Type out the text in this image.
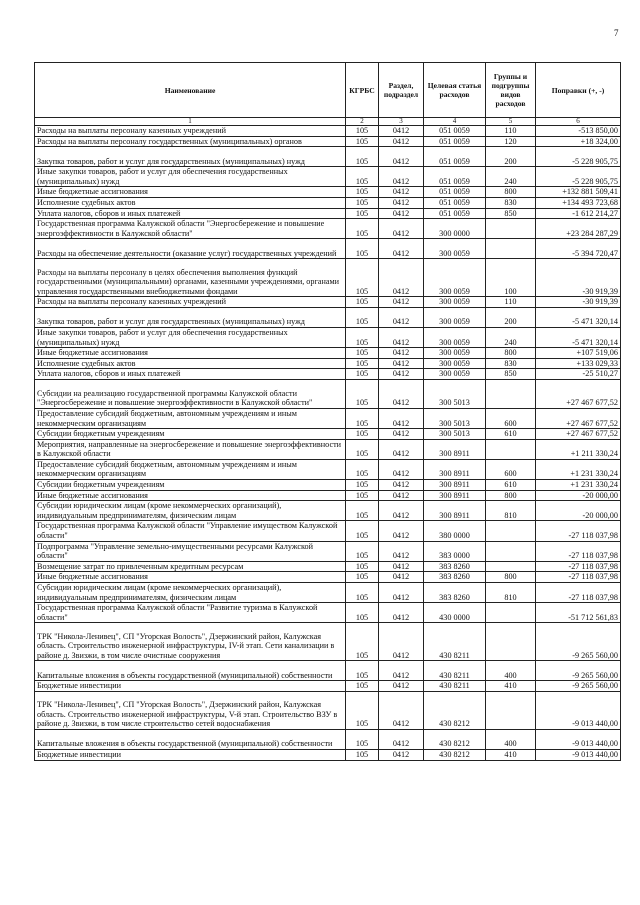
7
Наименование	КГРБС	Раздел, подраздел	Целевая статья расходов	Группы и подгруппы видов расходов	Поправки (+, -)
1	2	3	4	5	6
Расходы на выплаты персоналу казенных учреждений	105	0412	051 0059	110	-513 850,00
Расходы на выплаты персоналу государственных (муниципальных) органов	105	0412	051 0059	120	+18 324,00
Закупка товаров, работ и услуг для государственных (муниципальных) нужд	105	0412	051 0059	200	-5 228 905,75
Иные закупки товаров, работ и услуг для обеспечения государственных (муниципальных) нужд	105	0412	051 0059	240	-5 228 905,75
Иные бюджетные ассигнования	105	0412	051 0059	800	+132 881 509,41
Исполнение судебных актов	105	0412	051 0059	830	+134 493 723,68
Уплата налогов, сборов и иных платежей	105	0412	051 0059	850	-1 612 214,27
Государственная программа Калужской области "Энергосбережение и повышение энергоэффективности в Калужской области"	105	0412	300 0000		+23 284 287,29
Расходы на обеспечение деятельности (оказание услуг) государственных учреждений	105	0412	300 0059		-5 394 720,47
Расходы на выплаты персоналу в целях обеспечения выполнения функций государственными (муниципальными) органами, казенными учреждениями, органами управления государственными внебюджетными фондами	105	0412	300 0059	100	-30 919,39
Расходы на выплаты персоналу казенных учреждений	105	0412	300 0059	110	-30 919,39
Закупка товаров, работ и услуг для государственных (муниципальных) нужд	105	0412	300 0059	200	-5 471 320,14
Иные закупки товаров, работ и услуг для обеспечения государственных (муниципальных) нужд	105	0412	300 0059	240	-5 471 320,14
Иные бюджетные ассигнования	105	0412	300 0059	800	+107 519,06
Исполнение судебных актов	105	0412	300 0059	830	+133 029,33
Уплата налогов, сборов и иных платежей	105	0412	300 0059	850	-25 510,27
Субсидии на реализацию государственной программы Калужской области "Энергосбережение и повышение энергоэффективности в Калужской области"	105	0412	300 5013		+27 467 677,52
Предоставление субсидий бюджетным, автономным учреждениям и иным некоммерческим организациям	105	0412	300 5013	600	+27 467 677,52
Субсидии бюджетным учреждениям	105	0412	300 5013	610	+27 467 677,52
Мероприятия, направленные на энергосбережение и повышение энергоэффективности в Калужской области	105	0412	300 8911		+1 211 330,24
Предоставление субсидий бюджетным, автономным учреждениям и иным некоммерческим организациям	105	0412	300 8911	600	+1 231 330,24
Субсидии бюджетным учреждениям	105	0412	300 8911	610	+1 231 330,24
Иные бюджетные ассигнования	105	0412	300 8911	800	-20 000,00
Субсидии юридическим лицам (кроме некоммерческих организаций), индивидуальным предпринимателям, физическим лицам	105	0412	300 8911	810	-20 000,00
Государственная программа Калужской области "Управление имуществом Калужской области"	105	0412	380 0000		-27 118 037,98
Подпрограмма "Управление земельно-имущественными ресурсами Калужской области"	105	0412	383 0000		-27 118 037,98
Возмещение затрат по привлеченным кредитным ресурсам	105	0412	383 8260		-27 118 037,98
Иные бюджетные ассигнования	105	0412	383 8260	800	-27 118 037,98
Субсидии юридическим лицам (кроме некоммерческих организаций), индивидуальным предпринимателям, физическим лицам	105	0412	383 8260	810	-27 118 037,98
Государственная программа Калужской области "Развитие туризма в Калужской области"	105	0412	430 0000		-51 712 561,83
ТРК "Никола-Ленивец", СП "Угорская Волость", Дзержинский район, Калужская область. Строительство инженерной инфраструктуры, IV-й этап. Сети канализации в районе д. Звизжи, в том числе очистные сооружения	105	0412	430 8211		-9 265 560,00
Капитальные вложения в объекты государственной (муниципальной) собственности	105	0412	430 8211	400	-9 265 560,00
Бюджетные инвестиции	105	0412	430 8211	410	-9 265 560,00
ТРК "Никола-Ленивец", СП "Угорская Волость", Дзержинский район, Калужская область. Строительство инженерной инфраструктуры, V-й этап. Строительство ВЗУ в районе д. Звизжи, в том числе строительство сетей водоснабжения	105	0412	430 8212		-9 013 440,00
Капитальные вложения в объекты государственной (муниципальной) собственности	105	0412	430 8212	400	-9 013 440,00
Бюджетные инвестиции	105	0412	430 8212	410	-9 013 440,00
